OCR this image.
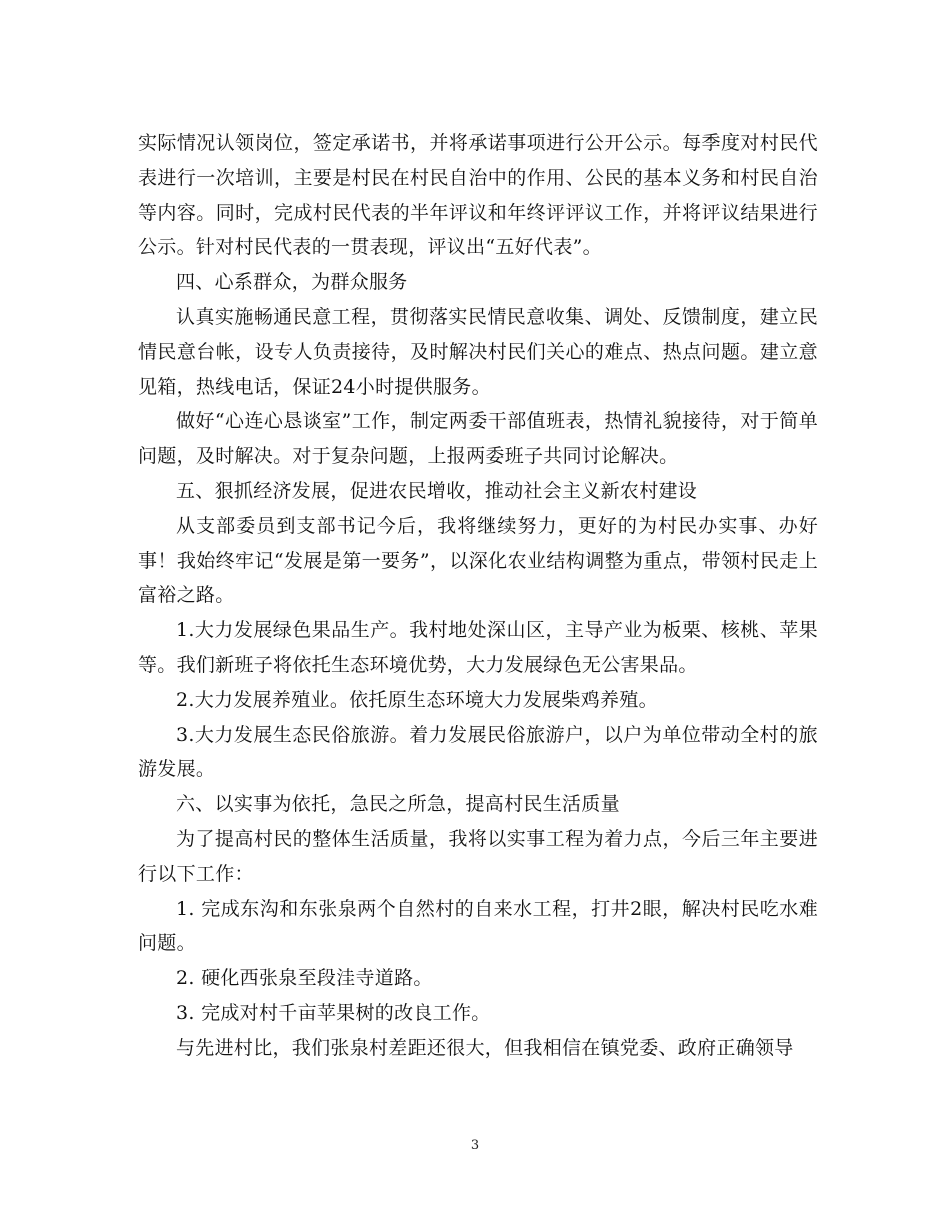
实际情况认领岗位，签定承诺书，并将承诺事项进行公开公示。每季度对村民代表进行一次培训，主要是村民在村民自治中的作用、公民的基本义务和村民自治等内容。同时，完成村民代表的半年评议和年终评评议工作，并将评议结果进行公示。针对村民代表的一贯表现，评议出“五好代表”。

四、心系群众，为群众服务

认真实施畅通民意工程，贯彻落实民情民意收集、调处、反馈制度，建立民情民意台帐，设专人负责接待，及时解决村民们关心的难点、热点问题。建立意见箱，热线电话，保证24小时提供服务。

做好“心连心恳谈室”工作，制定两委干部值班表，热情礼貌接待，对于简单问题，及时解决。对于复杂问题，上报两委班子共同讨论解决。

五、狠抓经济发展，促进农民增收，推动社会主义新农村建设

从支部委员到支部书记今后，我将继续努力，更好的为村民办实事、办好事！我始终牢记“发展是第一要务”，以深化农业结构调整为重点，带领村民走上富裕之路。

1.大力发展绿色果品生产。我村地处深山区，主导产业为板栗、核桃、苹果等。我们新班子将依托生态环境优势，大力发展绿色无公害果品。

2.大力发展养殖业。依托原生态环境大力发展柴鸡养殖。

3.大力发展生态民俗旅游。着力发展民俗旅游户，以户为单位带动全村的旅游发展。

六、以实事为依托，急民之所急，提高村民生活质量

为了提高村民的整体生活质量，我将以实事工程为着力点，今后三年主要进行以下工作：

1. 完成东沟和东张泉两个自然村的自来水工程，打井2眼，解决村民吃水难问题。

2. 硬化西张泉至段洼寺道路。

3. 完成对村千亩苹果树的改良工作。

与先进村比，我们张泉村差距还很大，但我相信在镇党委、政府正确领导

3
